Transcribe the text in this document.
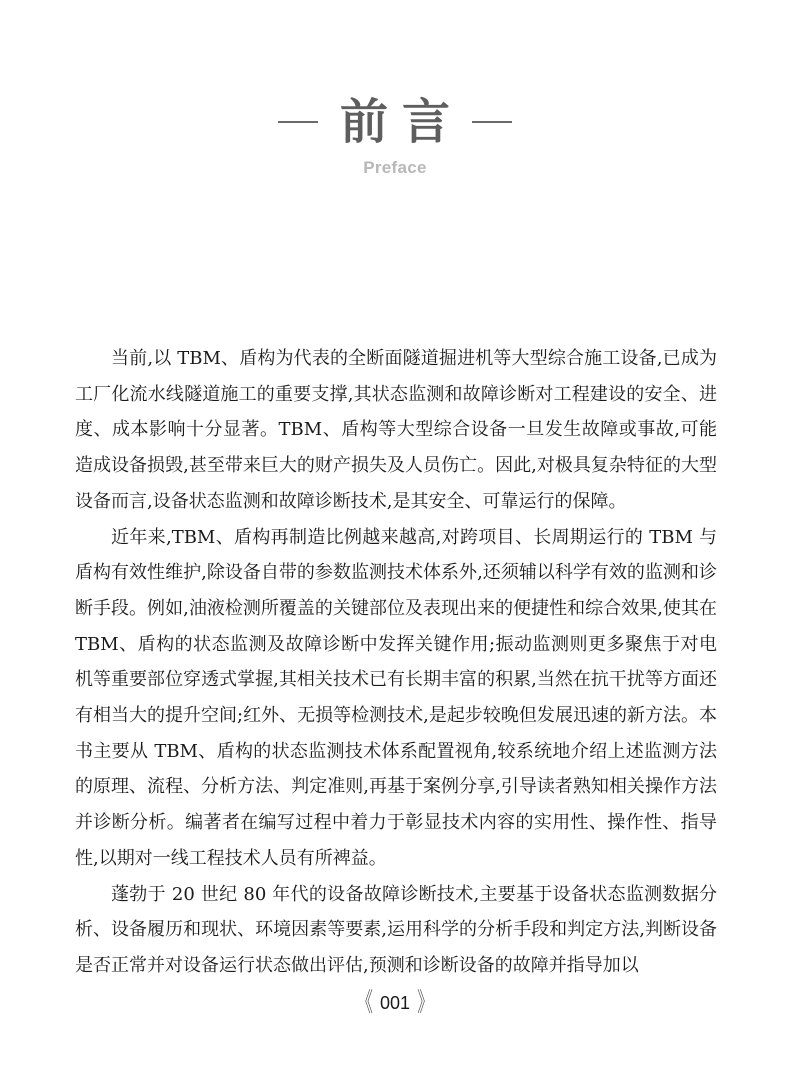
前言
Preface

当前,以 TBM、盾构为代表的全断面隧道掘进机等大型综合施工设备,已成为工厂化流水线隧道施工的重要支撑,其状态监测和故障诊断对工程建设的安全、进度、成本影响十分显著。TBM、盾构等大型综合设备一旦发生故障或事故,可能造成设备损毁,甚至带来巨大的财产损失及人员伤亡。因此,对极具复杂特征的大型设备而言,设备状态监测和故障诊断技术,是其安全、可靠运行的保障。

近年来,TBM、盾构再制造比例越来越高,对跨项目、长周期运行的 TBM 与盾构有效性维护,除设备自带的参数监测技术体系外,还须辅以科学有效的监测和诊断手段。例如,油液检测所覆盖的关键部位及表现出来的便捷性和综合效果,使其在 TBM、盾构的状态监测及故障诊断中发挥关键作用;振动监测则更多聚焦于对电机等重要部位穿透式掌握,其相关技术已有长期丰富的积累,当然在抗干扰等方面还有相当大的提升空间;红外、无损等检测技术,是起步较晚但发展迅速的新方法。本书主要从 TBM、盾构的状态监测技术体系配置视角,较系统地介绍上述监测方法的原理、流程、分析方法、判定准则,再基于案例分享,引导读者熟知相关操作方法并诊断分析。编著者在编写过程中着力于彰显技术内容的实用性、操作性、指导性,以期对一线工程技术人员有所裨益。

蓬勃于 20 世纪 80 年代的设备故障诊断技术,主要基于设备状态监测数据分析、设备履历和现状、环境因素等要素,运用科学的分析手段和判定方法,判断设备是否正常并对设备运行状态做出评估,预测和诊断设备的故障并指导加以

《 001 》
